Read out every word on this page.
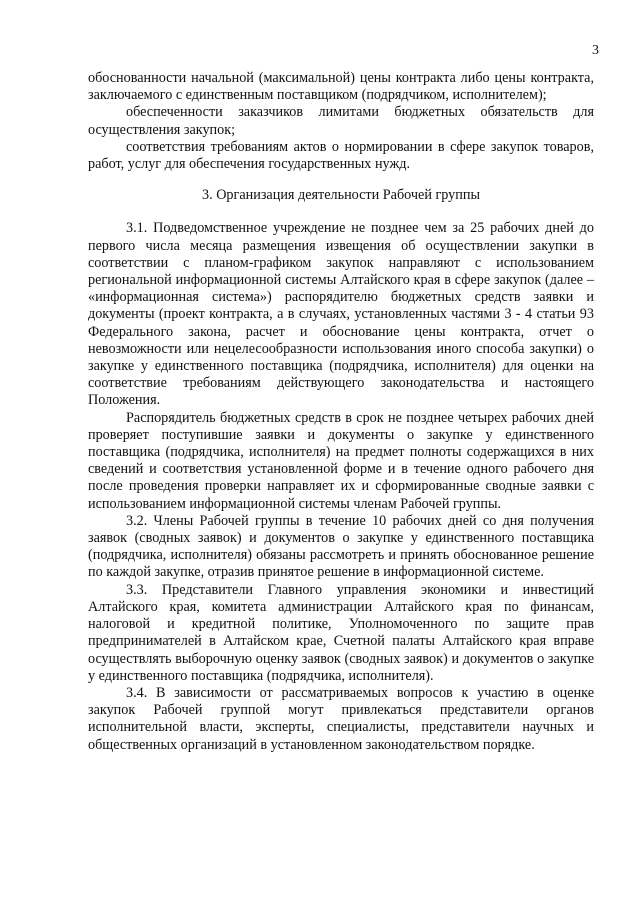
3

обоснованности начальной (максимальной) цены контракта либо цены контракта, заключаемого с единственным поставщиком (подрядчиком, исполнителем);

обеспеченности заказчиков лимитами бюджетных обязательств для осуществления закупок;

соответствия требованиям актов о нормировании в сфере закупок товаров, работ, услуг для обеспечения государственных нужд.

3. Организация деятельности Рабочей группы

3.1. Подведомственное учреждение не позднее чем за 25 рабочих дней до первого числа месяца размещения извещения об осуществлении закупки в соответствии с планом-графиком закупок направляют с использованием региональной информационной системы Алтайского края в сфере закупок (далее – «информационная система») распорядителю бюджетных средств заявки и документы (проект контракта, а в случаях, установленных частями 3 - 4 статьи 93 Федерального закона, расчет и обоснование цены контракта, отчет о невозможности или нецелесообразности использования иного способа закупки) о закупке у единственного поставщика (подрядчика, исполнителя) для оценки на соответствие требованиям действующего законодательства и настоящего Положения.

Распорядитель бюджетных средств в срок не позднее четырех рабочих дней проверяет поступившие заявки и документы о закупке у единственного поставщика (подрядчика, исполнителя) на предмет полноты содержащихся в них сведений и соответствия установленной форме и в течение одного рабочего дня после проведения проверки направляет их и сформированные сводные заявки с использованием информационной системы членам Рабочей группы.

3.2. Члены Рабочей группы в течение 10 рабочих дней со дня получения заявок (сводных заявок) и документов о закупке у единственного поставщика (подрядчика, исполнителя) обязаны рассмотреть и принять обоснованное решение по каждой закупке, отразив принятое решение в информационной системе.

3.3. Представители Главного управления экономики и инвестиций Алтайского края, комитета администрации Алтайского края по финансам, налоговой и кредитной политике, Уполномоченного по защите прав предпринимателей в Алтайском крае, Счетной палаты Алтайского края вправе осуществлять выборочную оценку заявок (сводных заявок) и документов о закупке у единственного поставщика (подрядчика, исполнителя).

3.4. В зависимости от рассматриваемых вопросов к участию в оценке закупок Рабочей группой могут привлекаться представители органов исполнительной власти, эксперты, специалисты, представители научных и общественных организаций в установленном законодательством порядке.
